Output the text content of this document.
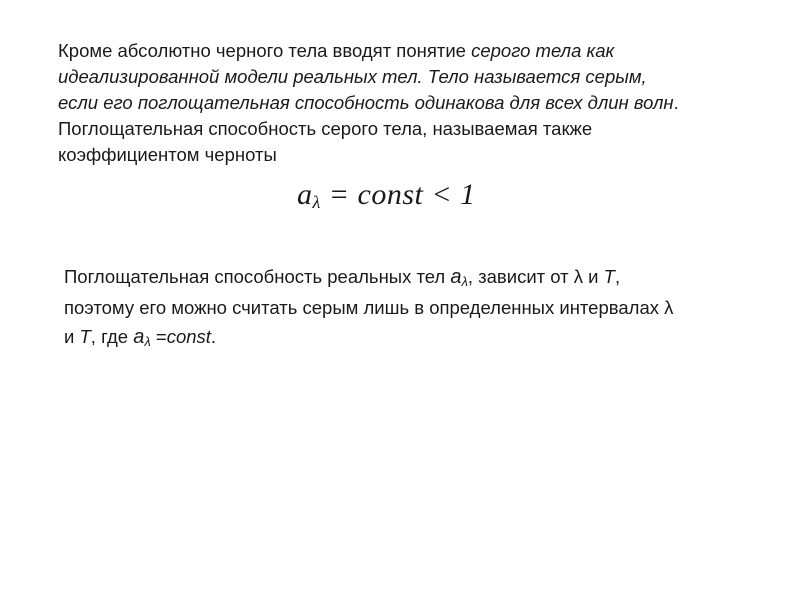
Кроме абсолютно черного тела вводят понятие серого тела как
идеализированной модели реальных тел. Тело называется серым,
если его поглощательная способность одинакова для всех длин волн.
Поглощательная способность серого тела, называемая также
коэффициентом черноты
$a_\lambda$ = const < 1
Поглощательная способность реальных тел $a_\lambda$, зависит от λ и T,
поэтому его можно считать серым лишь в определенных интервалах λ
и T, где $a_\lambda$ =const.
